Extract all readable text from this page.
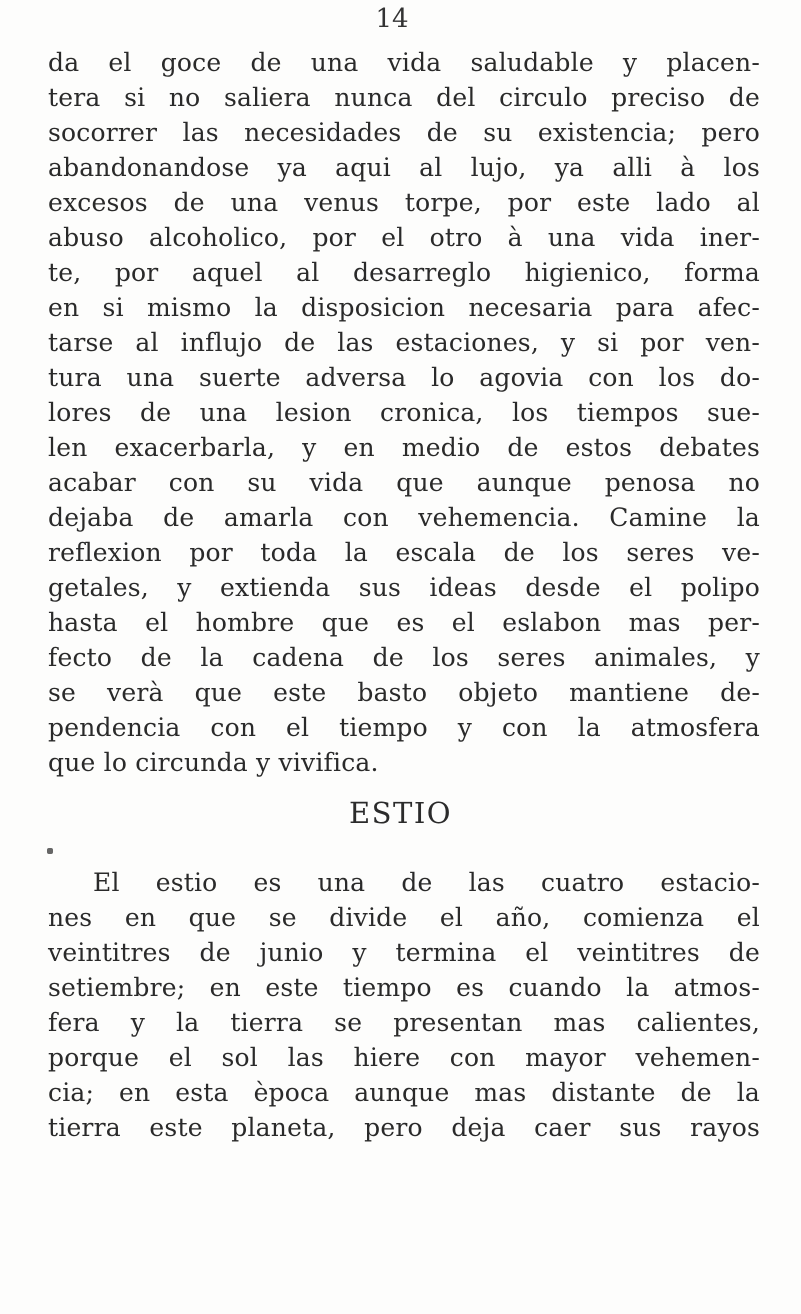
14
da el goce de una vida saludable y placen-
tera si no saliera nunca del circulo preciso de
socorrer las necesidades de su existencia; pero
abandonandose ya aqui al lujo, ya alli à los
excesos de una venus torpe, por este lado al
abuso alcoholico, por el otro à una vida iner-
te, por aquel al desarreglo higienico, forma
en si mismo la disposicion necesaria para afec-
tarse al influjo de las estaciones, y si por ven-
tura una suerte adversa lo agovia con los do-
lores de una lesion cronica, los tiempos sue-
len exacerbarla, y en medio de estos debates
acabar con su vida que aunque penosa no
dejaba de amarla con vehemencia. Camine la
reflexion por toda la escala de los seres ve-
getales, y extienda sus ideas desde el polipo
hasta el hombre que es el eslabon mas per-
fecto de la cadena de los seres animales, y
se verà que este basto objeto mantiene de-
pendencia con el tiempo y con la atmosfera
que lo circunda y vivifica.
ESTIO
El estio es una de las cuatro estacio-
nes en que se divide el año, comienza el
veintitres de junio y termina el veintitres de
setiembre; en este tiempo es cuando la atmos-
fera y la tierra se presentan mas calientes,
porque el sol las hiere con mayor vehemen-
cia; en esta època aunque mas distante de la
tierra este planeta, pero deja caer sus rayos
